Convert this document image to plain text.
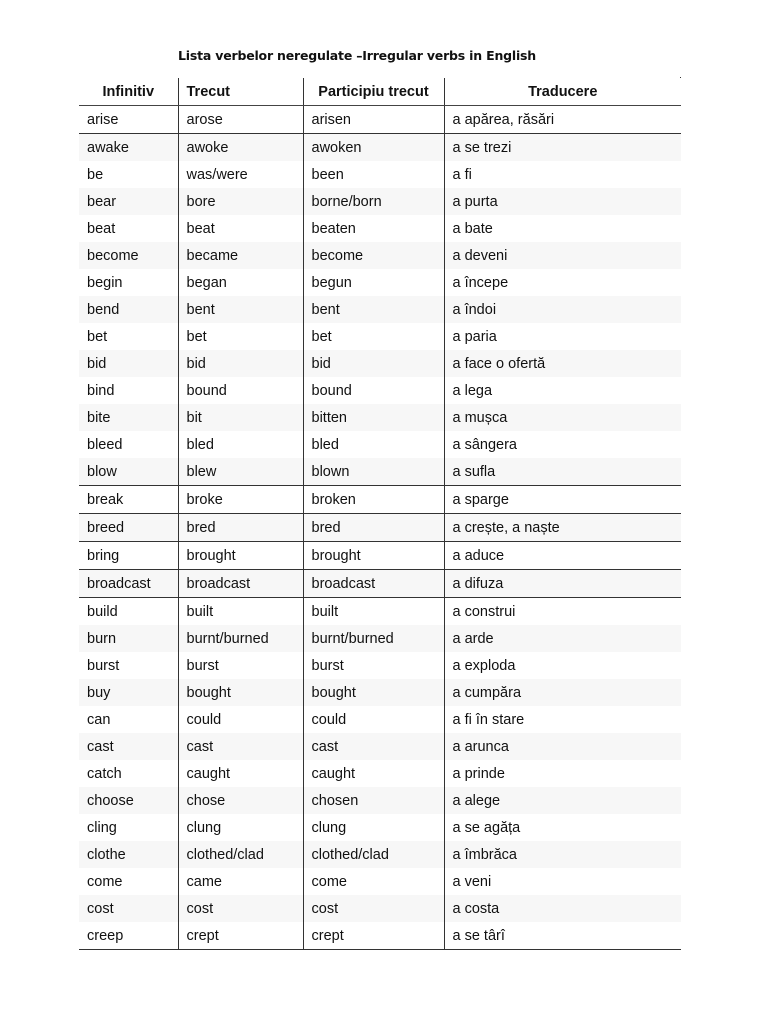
Lista verbelor neregulate –Irregular verbs in English
Infinitiv	Trecut	Participiu trecut	Traducere
arise	arose	arisen	a apărea, răsări
awake	awoke	awoken	a se trezi
be	was/were	been	a fi
bear	bore	borne/born	a purta
beat	beat	beaten	a bate
become	became	become	a deveni
begin	began	begun	a începe
bend	bent	bent	a îndoi
bet	bet	bet	a paria
bid	bid	bid	a face o ofertă
bind	bound	bound	a lega
bite	bit	bitten	a mușca
bleed	bled	bled	a sângera
blow	blew	blown	a sufla
break	broke	broken	a sparge
breed	bred	bred	a crește, a naște
bring	brought	brought	a aduce
broadcast	broadcast	broadcast	a difuza
build	built	built	a construi
burn	burnt/burned	burnt/burned	a arde
burst	burst	burst	a exploda
buy	bought	bought	a cumpăra
can	could	could	a fi în stare
cast	cast	cast	a arunca
catch	caught	caught	a prinde
choose	chose	chosen	a alege
cling	clung	clung	a se agăța
clothe	clothed/clad	clothed/clad	a îmbrăca
come	came	come	a veni
cost	cost	cost	a costa
creep	crept	crept	a se târî
